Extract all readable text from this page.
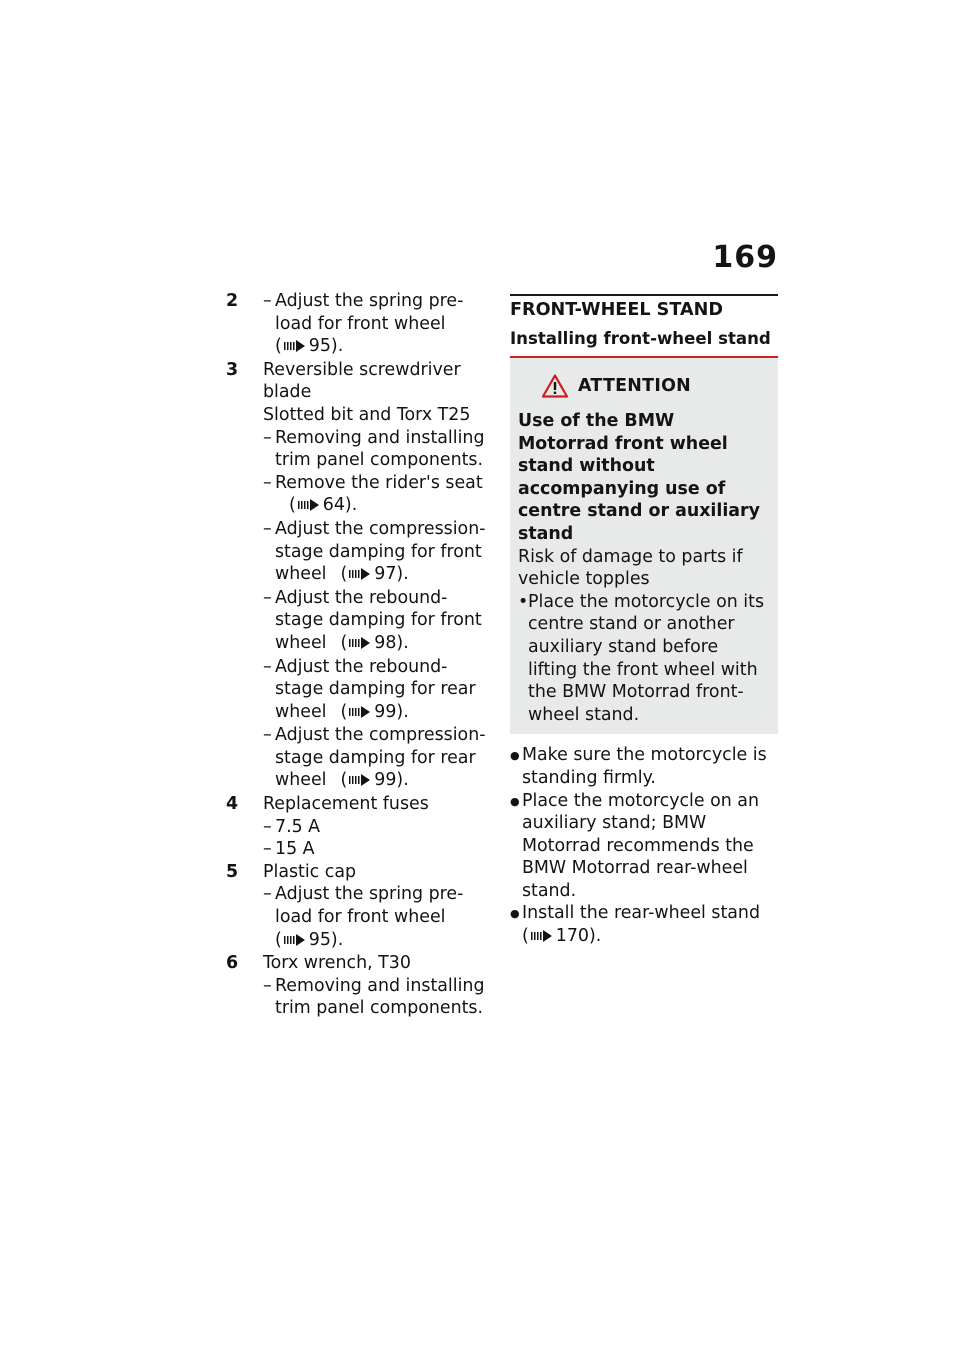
169
2
–	Adjust the spring pre-load for front wheel( 95).
3 Reversible screwdriver blade
Slotted bit and Torx T25
– Removing and installing trim panel components.
– Remove the rider's seat( 64).
– Adjust the compression-stage damping for front wheel ( 97).
– Adjust the rebound-stage damping for front wheel ( 98).
– Adjust the rebound-stage damping for rear wheel ( 99).
– Adjust the compression-stage damping for rear wheel ( 99).
4 Replacement fuses
– 7.5 A
– 15 A
5 Plastic cap
– Adjust the spring pre-load for front wheel( 95).
6 Torx wrench, T30
– Removing and installing trim panel components.
FRONT-WHEEL STAND
Installing front-wheel stand
ATTENTION
Use of the BMW Motorrad front wheel stand without accompanying use of centre stand or auxiliary stand
Risk of damage to parts if vehicle topples
• Place the motorcycle on its centre stand or another auxiliary stand before lifting the front wheel with the BMW Motorrad front-wheel stand.
● Make sure the motorcycle is standing firmly.
● Place the motorcycle on an auxiliary stand; BMW Motorrad recommends the BMW Motorrad rear-wheel stand.
● Install the rear-wheel stand ( 170).
